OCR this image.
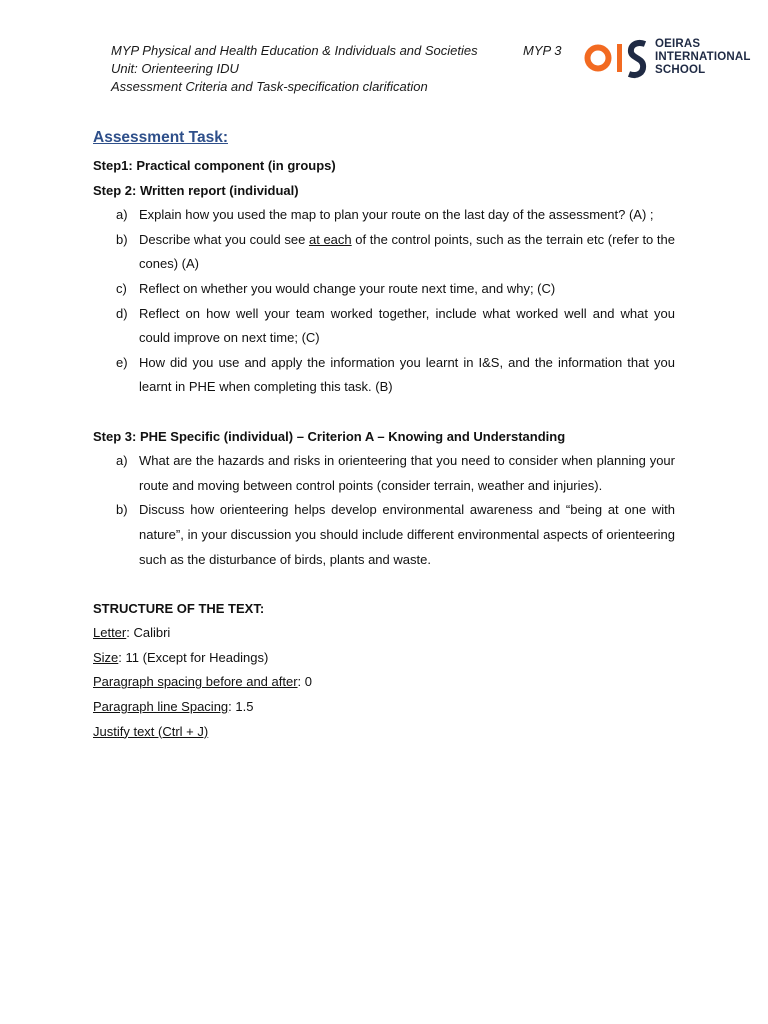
MYP Physical and Health Education & Individuals and Societies	MYP 3
Unit: Orienteering IDU
Assessment Criteria and Task-specification clarification
OEIRAS
INTERNATIONAL
SCHOOL
Assessment Task:
Step1: Practical component (in groups)
Step 2: Written report (individual)
a) Explain how you used the map to plan your route on the last day of the assessment? (A) ;
b) Describe what you could see at each of the control points, such as the terrain etc (refer to the cones) (A)
c) Reflect on whether you would change your route next time, and why; (C)
d) Reflect on how well your team worked together, include what worked well and what you could improve on next time; (C)
e) How did you use and apply the information you learnt in I&S, and the information that you learnt in PHE when completing this task. (B)
Step 3: PHE Specific (individual) – Criterion A – Knowing and Understanding
a) What are the hazards and risks in orienteering that you need to consider when planning your route and moving between control points (consider terrain, weather and injuries).
b) Discuss how orienteering helps develop environmental awareness and “being at one with nature”, in your discussion you should include different environmental aspects of orienteering such as the disturbance of birds, plants and waste.
STRUCTURE OF THE TEXT:
Letter: Calibri
Size: 11 (Except for Headings)
Paragraph spacing before and after: 0
Paragraph line Spacing: 1.5
Justify text (Ctrl + J)
